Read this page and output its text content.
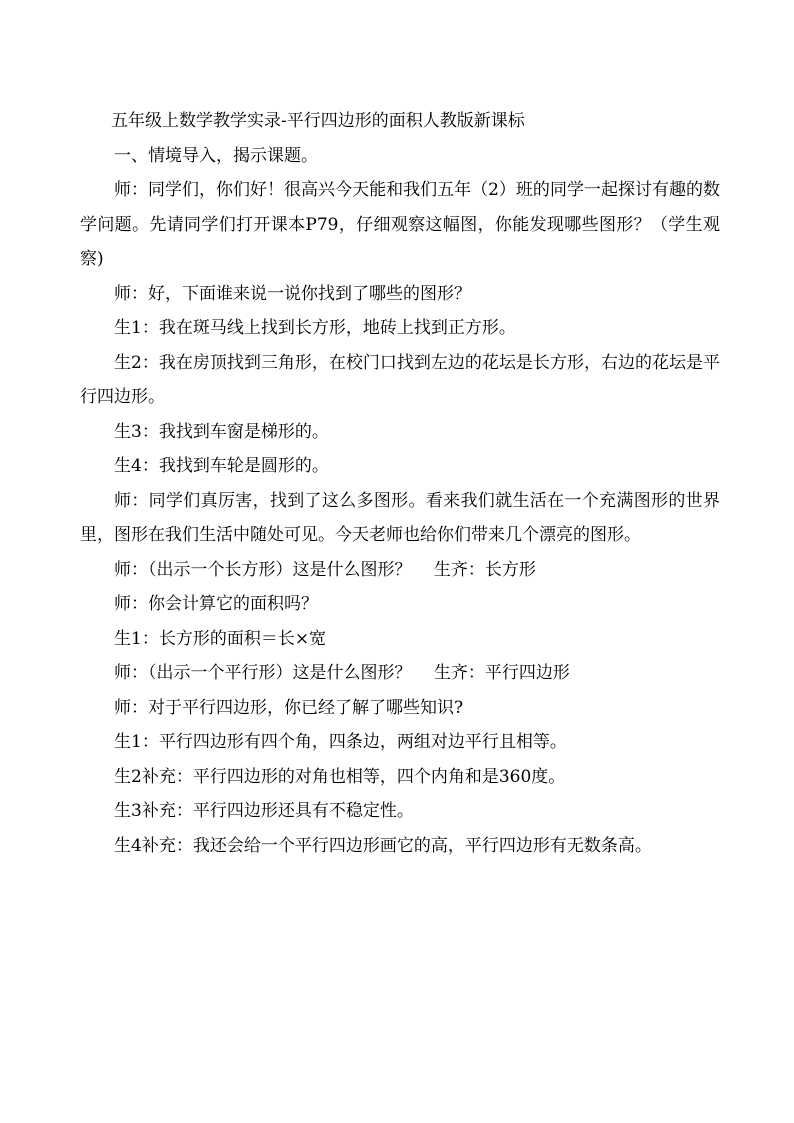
五年级上数学教学实录-平行四边形的面积人教版新课标

一、情境导入，揭示课题。

师：同学们，你们好！很高兴今天能和我们五年（2）班的同学一起探讨有趣的数学问题。先请同学们打开课本P79，仔细观察这幅图，你能发现哪些图形？（学生观察)

师：好，下面谁来说一说你找到了哪些的图形？

生1：我在斑马线上找到长方形，地砖上找到正方形。

生2：我在房顶找到三角形，在校门口找到左边的花坛是长方形，右边的花坛是平行四边形。

生3：我找到车窗是梯形的。

生4：我找到车轮是圆形的。

师：同学们真厉害，找到了这么多图形。看来我们就生活在一个充满图形的世界里，图形在我们生活中随处可见。今天老师也给你们带来几个漂亮的图形。

师：（出示一个长方形）这是什么图形？　 生齐：长方形

师：你会计算它的面积吗？

生1：长方形的面积＝长×宽

师：（出示一个平行形）这是什么图形？　 生齐：平行四边形

师：对于平行四边形，你已经了解了哪些知识?

生1：平行四边形有四个角，四条边，两组对边平行且相等。

生2补充：平行四边形的对角也相等，四个内角和是360度。

生3补充：平行四边形还具有不稳定性。

生4补充：我还会给一个平行四边形画它的高，平行四边形有无数条高。
